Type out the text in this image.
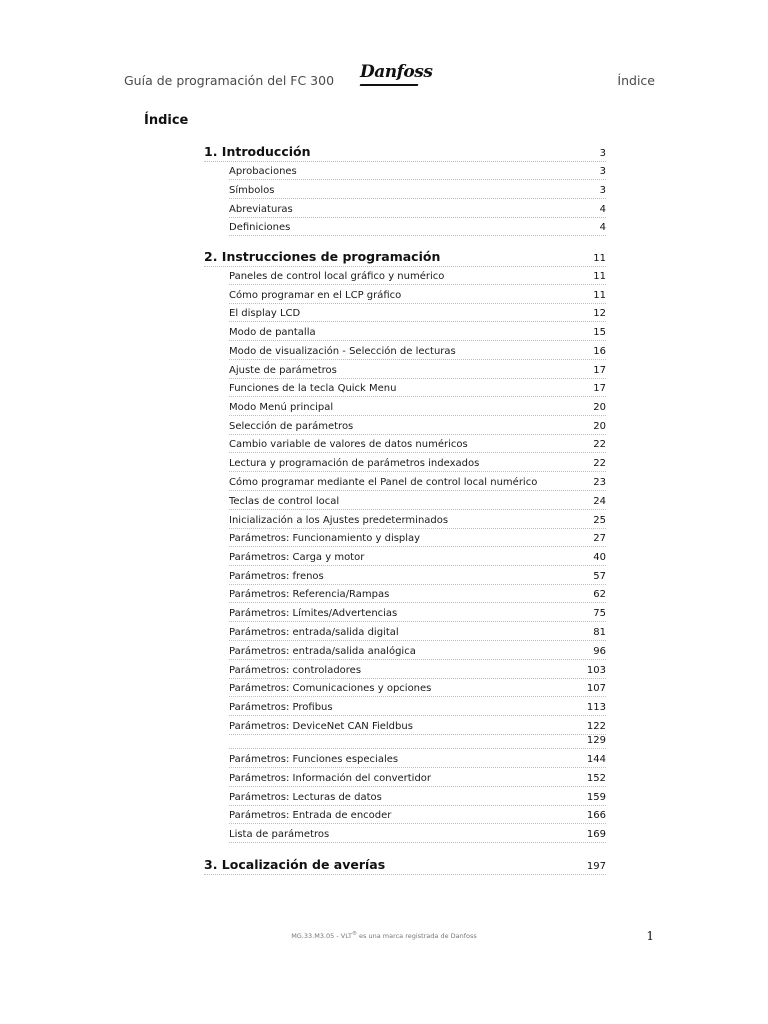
Guía de programación del FC 300 Danfoss	Índice
Índice
1. Introducción	3
Aprobaciones	3
Símbolos	3
Abreviaturas	4
Definiciones	4
2. Instrucciones de programación	11
Paneles de control local gráfico y numérico	11
Cómo programar en el LCP gráfico	11
El display LCD	12
Modo de pantalla	15
Modo de visualización - Selección de lecturas	16
Ajuste de parámetros	17
Funciones de la tecla Quick Menu	17
Modo Menú principal	20
Selección de parámetros	20
Cambio variable de valores de datos numéricos	22
Lectura y programación de parámetros indexados	22
Cómo programar mediante el Panel de control local numérico	23
Teclas de control local	24
Inicialización a los Ajustes predeterminados	25
Parámetros: Funcionamiento y display	27
Parámetros: Carga y motor	40
Parámetros: frenos	57
Parámetros: Referencia/Rampas	62
Parámetros: Límites/Advertencias	75
Parámetros: entrada/salida digital	81
Parámetros: entrada/salida analógica	96
Parámetros: controladores	103
Parámetros: Comunicaciones y opciones	107
Parámetros: Profibus	113
Parámetros: DeviceNet CAN Fieldbus	122
129
Parámetros: Funciones especiales	144
Parámetros: Información del convertidor	152
Parámetros: Lecturas de datos	159
Parámetros: Entrada de encoder	166
Lista de parámetros	169
3. Localización de averías	197
MG.33.M3.05 - VLT® es una marca registrada de Danfoss	1
